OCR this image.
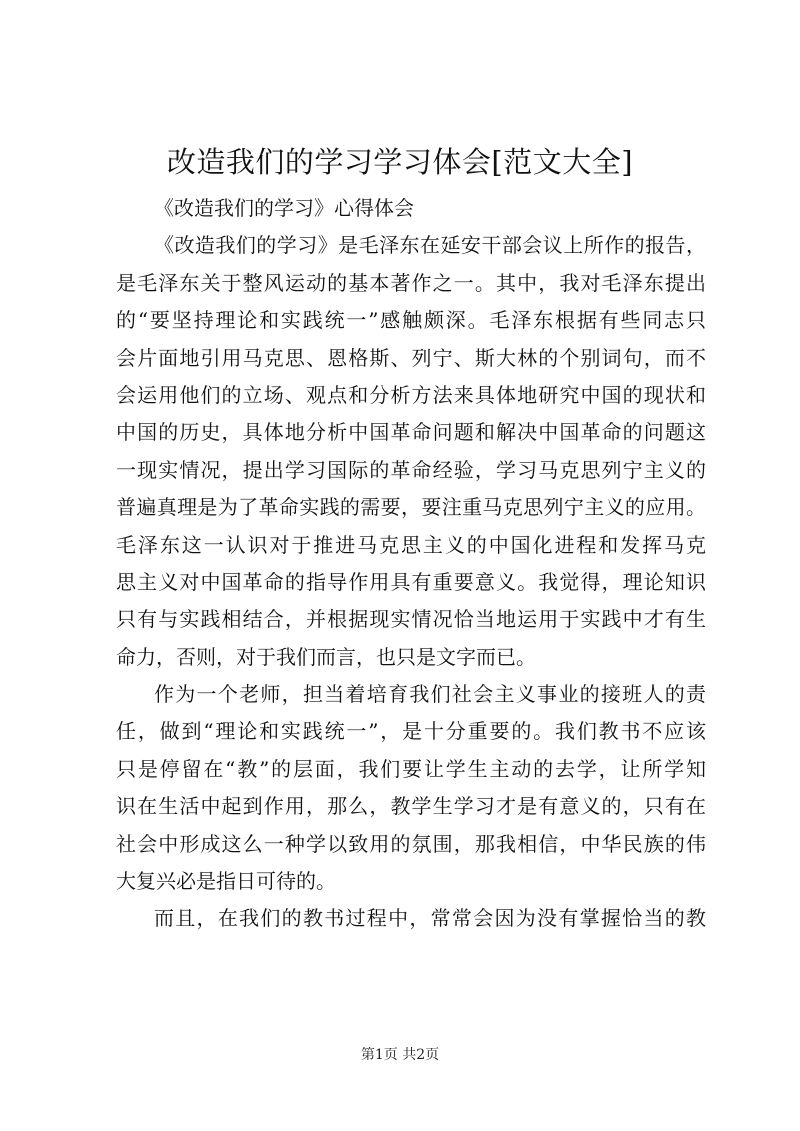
改造我们的学习学习体会[范文大全]
《改造我们的学习》心得体会
《改造我们的学习》是毛泽东在延安干部会议上所作的报告，
是毛泽东关于整风运动的基本著作之一。其中，我对毛泽东提出
的“要坚持理论和实践统一”感触颇深。毛泽东根据有些同志只
会片面地引用马克思、恩格斯、列宁、斯大林的个别词句，而不
会运用他们的立场、观点和分析方法来具体地研究中国的现状和
中国的历史，具体地分析中国革命问题和解决中国革命的问题这
一现实情况，提出学习国际的革命经验，学习马克思列宁主义的
普遍真理是为了革命实践的需要，要注重马克思列宁主义的应用。
毛泽东这一认识对于推进马克思主义的中国化进程和发挥马克
思主义对中国革命的指导作用具有重要意义。我觉得，理论知识
只有与实践相结合，并根据现实情况恰当地运用于实践中才有生
命力，否则，对于我们而言，也只是文字而已。
作为一个老师，担当着培育我们社会主义事业的接班人的责
任，做到“理论和实践统一”，是十分重要的。我们教书不应该
只是停留在“教”的层面，我们要让学生主动的去学，让所学知
识在生活中起到作用，那么，教学生学习才是有意义的，只有在
社会中形成这么一种学以致用的氛围，那我相信，中华民族的伟
大复兴必是指日可待的。
而且，在我们的教书过程中，常常会因为没有掌握恰当的教
第1页 共2页
